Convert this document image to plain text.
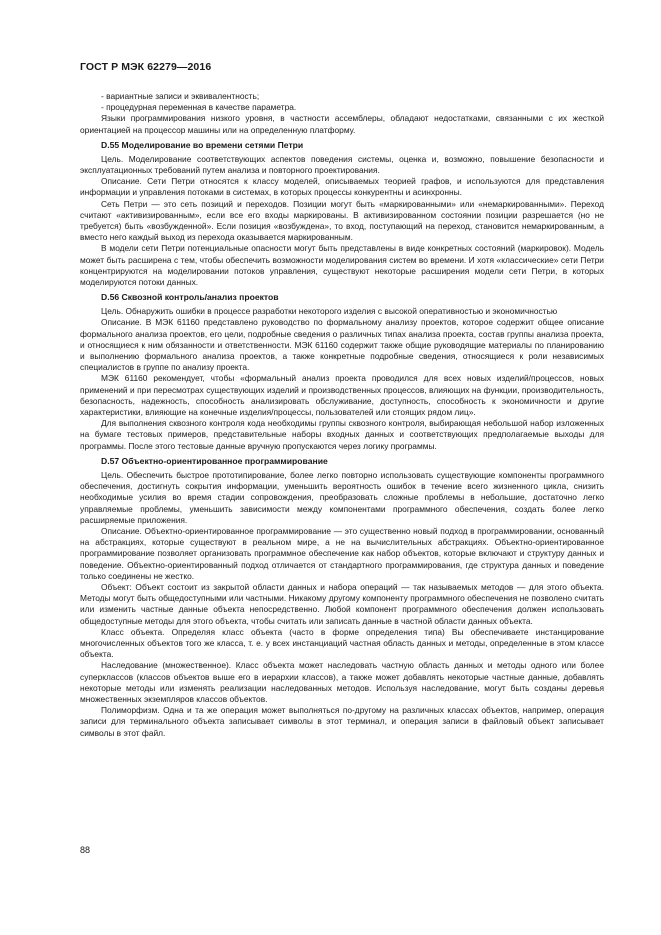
ГОСТ Р МЭК 62279—2016

- вариантные записи и эквивалентность;

- процедурная переменная в качестве параметра.

Языки программирования низкого уровня, в частности ассемблеры, обладают недостатками, связанными с их жесткой ориентацией на процессор машины или на определенную платформу.

D.55 Моделирование во времени сетями Петри

Цель. Моделирование соответствующих аспектов поведения системы, оценка и, возможно, повышение безопасности и эксплуатационных требований путем анализа и повторного проектирования.

Описание. Сети Петри относятся к классу моделей, описываемых теорией графов, и используются для представления информации и управления потоками в системах, в которых процессы конкурентны и асинхронны.

Сеть Петри — это сеть позиций и переходов. Позиции могут быть «маркированными» или «немаркированными». Переход считают «активизированным», если все его входы маркированы. В активизированном состоянии позиции разрешается (но не требуется) быть «возбужденной». Если позиция «возбуждена», то вход, поступающий на переход, становится немаркированным, а вместо него каждый выход из перехода оказывается маркированным.

В модели сети Петри потенциальные опасности могут быть представлены в виде конкретных состояний (маркировок). Модель может быть расширена с тем, чтобы обеспечить возможности моделирования систем во времени. И хотя «классические» сети Петри концентрируются на моделировании потоков управления, существуют некоторые расширения модели сети Петри, в которых моделируются потоки данных.

D.56 Сквозной контроль/анализ проектов

Цель. Обнаружить ошибки в процессе разработки некоторого изделия с высокой оперативностью и экономичностью

Описание. В МЭК 61160 представлено руководство по формальному анализу проектов, которое содержит общее описание формального анализа проектов, его цели, подробные сведения о различных типах анализа проекта, состав группы анализа проекта, и относящиеся к ним обязанности и ответственности. МЭК 61160 содержит также общие руководящие материалы по планированию и выполнению формального анализа проектов, а также конкретные подробные сведения, относящиеся к роли независимых специалистов в группе по анализу проекта.

МЭК 61160 рекомендует, чтобы «формальный анализ проекта проводился для всех новых изделий/процессов, новых применений и при пересмотрах существующих изделий и производственных процессов, влияющих на функции, производительность, безопасность, надежность, способность анализировать обслуживание, доступность, способность к экономичности и другие характеристики, влияющие на конечные изделия/процессы, пользователей или стоящих рядом лиц».

Для выполнения сквозного контроля кода необходимы группы сквозного контроля, выбирающая небольшой набор изложенных на бумаге тестовых примеров, представительные наборы входных данных и соответствующих предполагаемые выходы для программы. После этого тестовые данные вручную пропускаются через логику программы.

D.57 Объектно-ориентированное программирование

Цель. Обеспечить быстрое прототипирование, более легко повторно использовать существующие компоненты программного обеспечения, достигнуть сокрытия информации, уменьшить вероятность ошибок в течение всего жизненного цикла, снизить необходимые усилия во время стадии сопровождения, преобразовать сложные проблемы в небольшие, достаточно легко управляемые проблемы, уменьшить зависимости между компонентами программного обеспечения, создать более легко расширяемые приложения.

Описание. Объектно-ориентированное программирование — это существенно новый подход в программировании, основанный на абстракциях, которые существуют в реальном мире, а не на вычислительных абстракциях. Объектно-ориентированное программирование позволяет организовать программное обеспечение как набор объектов, которые включают и структуру данных и поведение. Объектно-ориентированный подход отличается от стандартного программирования, где структура данных и поведение только соединены не жестко.

Объект: Объект состоит из закрытой области данных и набора операций — так называемых методов — для этого объекта. Методы могут быть общедоступными или частными. Никакому другому компоненту программного обеспечения не позволено считать или изменить частные данные объекта непосредственно. Любой компонент программного обеспечения должен использовать общедоступные методы для этого объекта, чтобы считать или записать данные в частной области данных объекта.

Класс объекта. Определяя класс объекта (часто в форме определения типа) Вы обеспечиваете инстанцирование многочисленных объектов того же класса, т. е. у всех инстанциаций частная область данных и методы, определенные в этом классе объекта.

Наследование (множественное). Класс объекта может наследовать частную область данных и методы одного или более суперклассов (классов объектов выше его в иерархии классов), а также может добавлять некоторые частные данные, добавлять некоторые методы или изменять реализации наследованных методов. Используя наследование, могут быть созданы деревья множественных экземпляров классов объектов.

Полиморфизм. Одна и та же операция может выполняться по-другому на различных классах объектов, например, операция записи для терминального объекта записывает символы в этот терминал, и операция записи в файловый объект записывает символы в этот файл.

88
